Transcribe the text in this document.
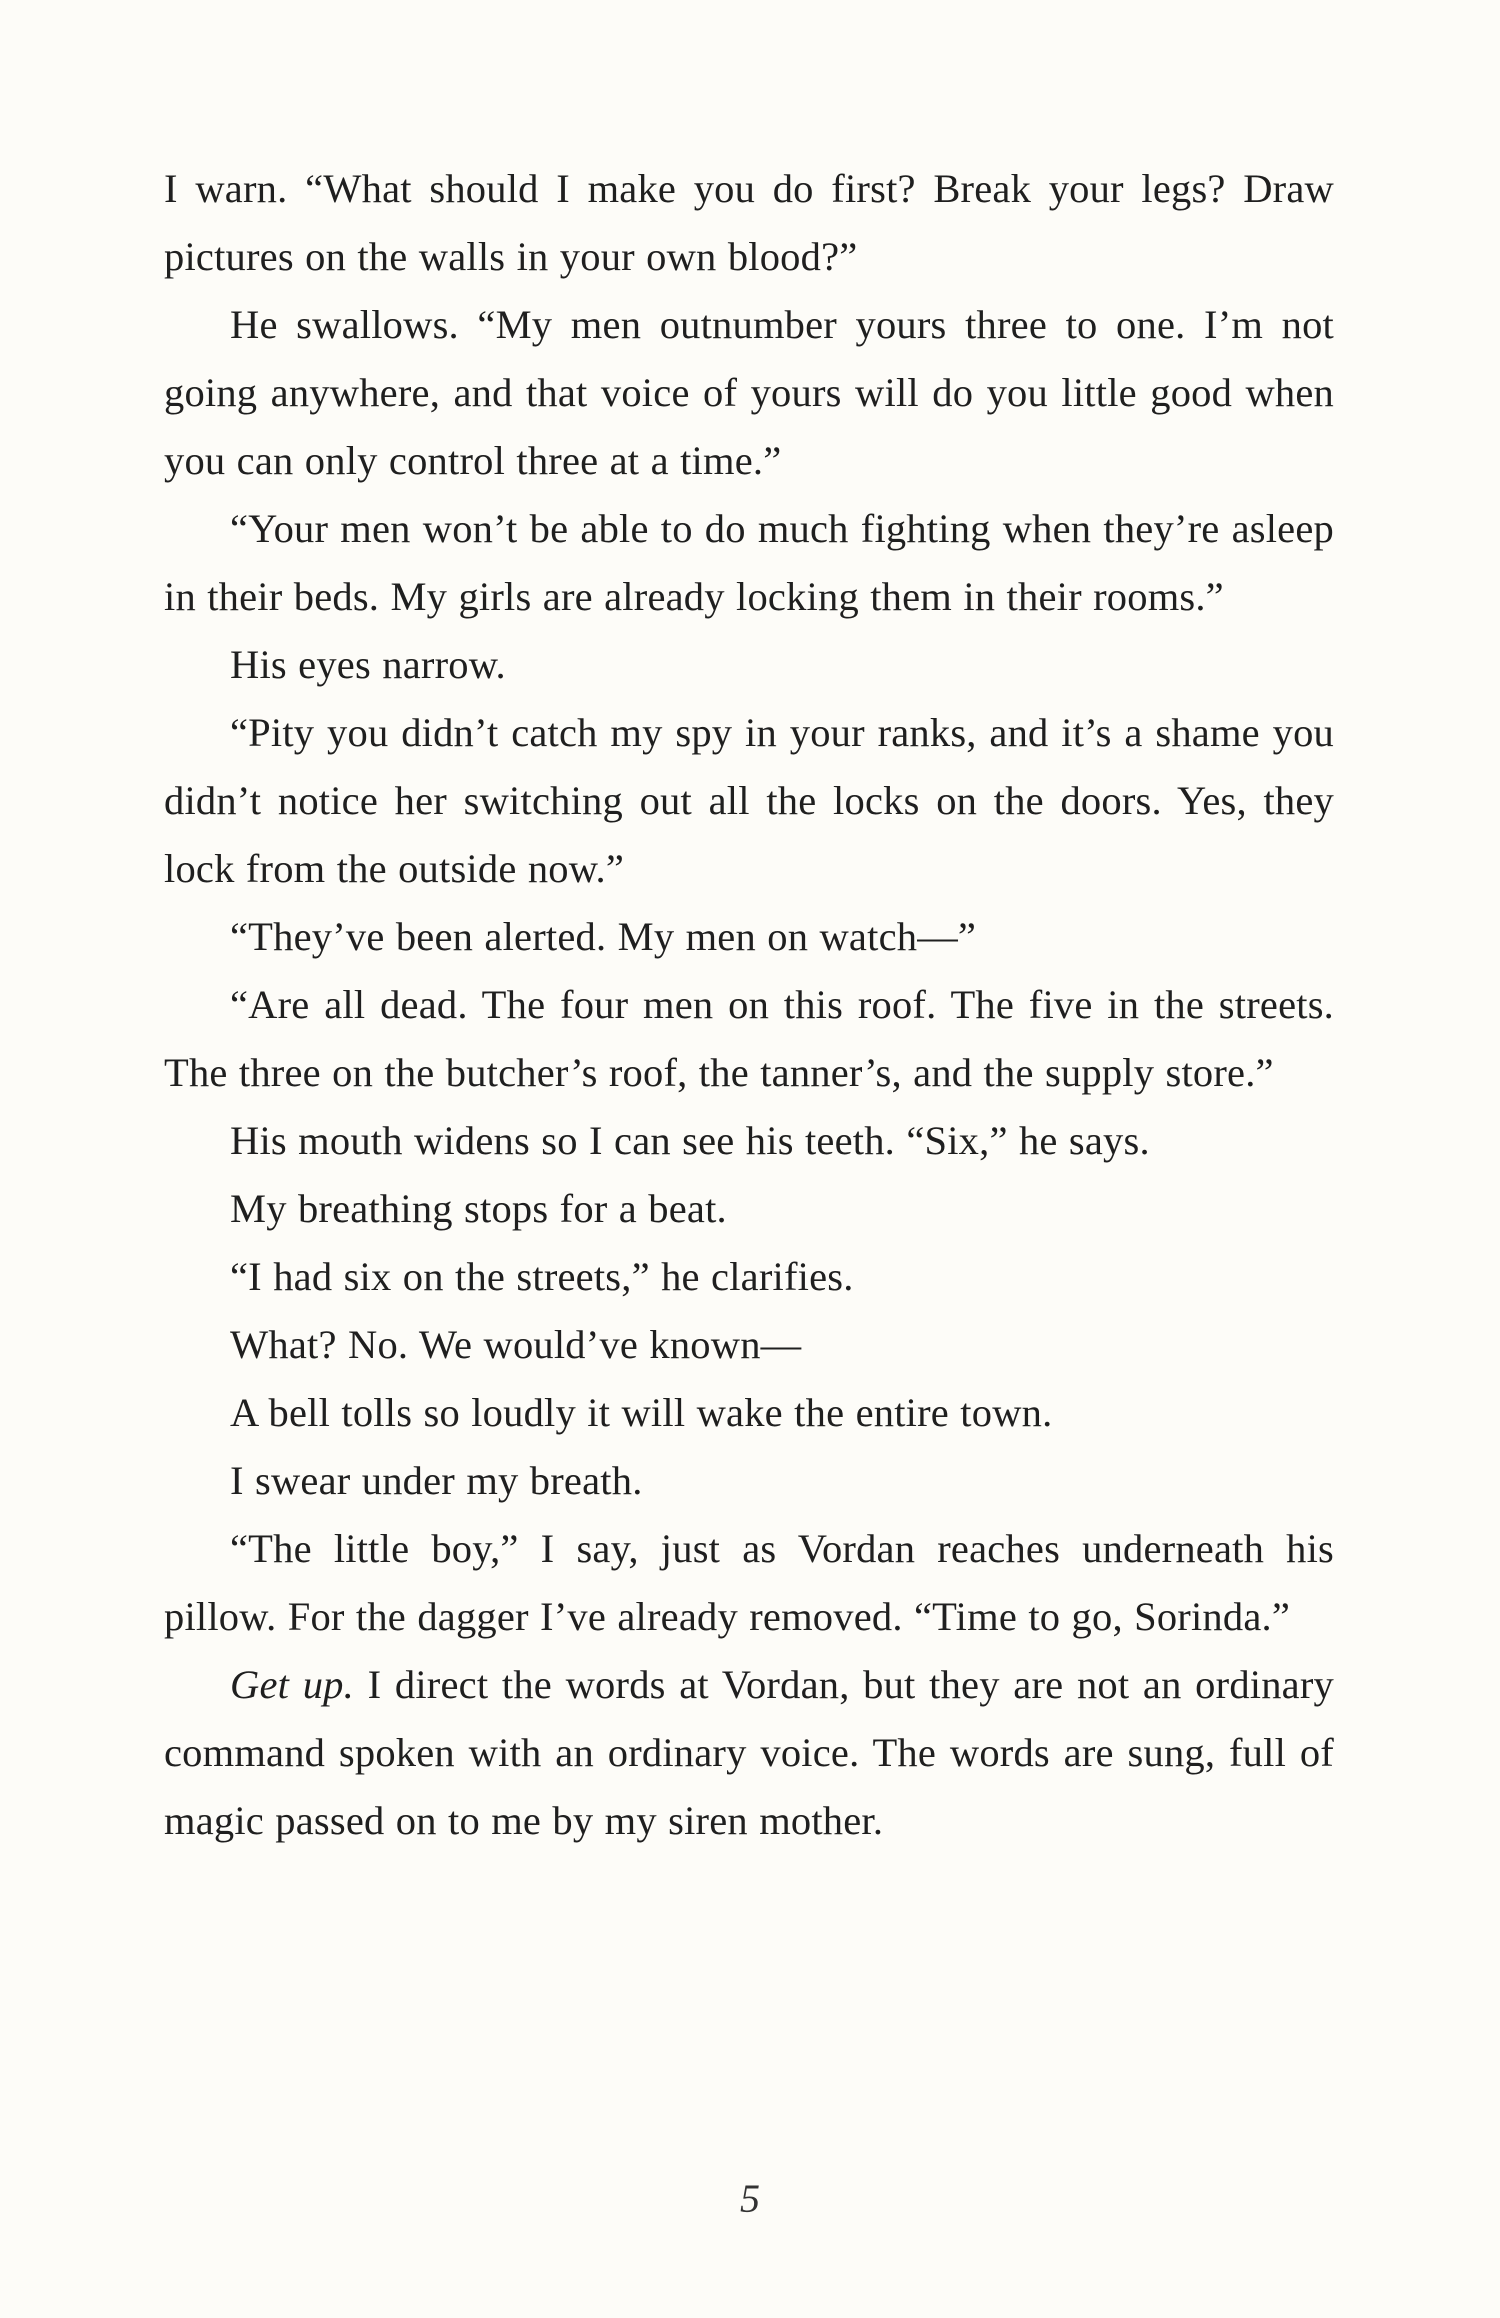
I warn. “What should I make you do first? Break your legs? Draw pictures on the walls in your own blood?”

He swallows. “My men outnumber yours three to one. I’m not going anywhere, and that voice of yours will do you little good when you can only control three at a time.”

“Your men won’t be able to do much fighting when they’re asleep in their beds. My girls are already locking them in their rooms.”

His eyes narrow.

“Pity you didn’t catch my spy in your ranks, and it’s a shame you didn’t notice her switching out all the locks on the doors. Yes, they lock from the outside now.”

“They’ve been alerted. My men on watch—”

“Are all dead. The four men on this roof. The five in the streets. The three on the butcher’s roof, the tanner’s, and the supply store.”

His mouth widens so I can see his teeth. “Six,” he says.

My breathing stops for a beat.

“I had six on the streets,” he clarifies.

What? No. We would’ve known—

A bell tolls so loudly it will wake the entire town.

I swear under my breath.

“The little boy,” I say, just as Vordan reaches underneath his pillow. For the dagger I’ve already removed. “Time to go, Sorinda.”

Get up. I direct the words at Vordan, but they are not an ordinary command spoken with an ordinary voice. The words are sung, full of magic passed on to me by my siren mother.

5
